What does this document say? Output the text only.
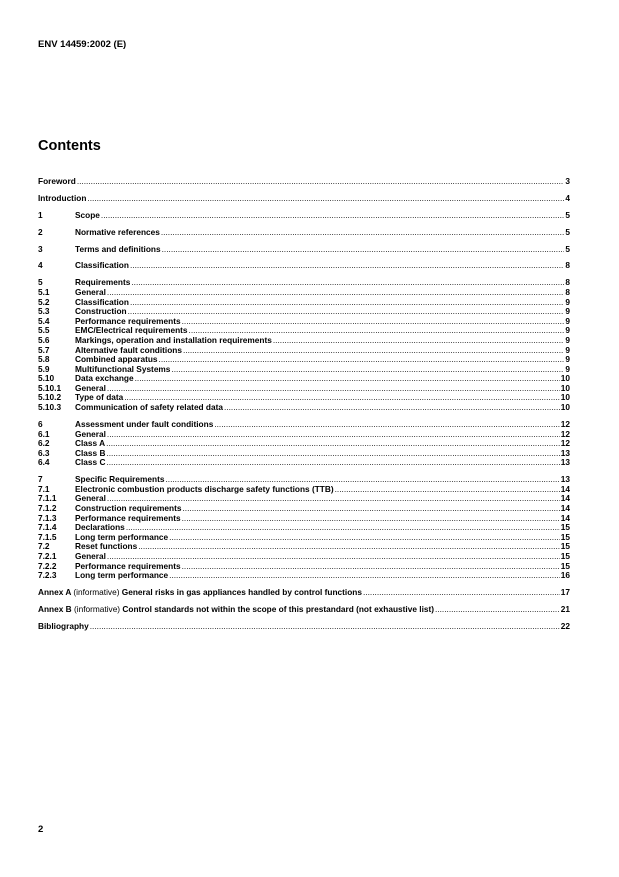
ENV 14459:2002 (E)
Contents
Foreword .....	3
Introduction .....	4
1	Scope .....	5
2	Normative references .....	5
3	Terms and definitions .....	5
4	Classification .....	8
5	Requirements .....	8
5.1	General .....	8
5.2	Classification .....	9
5.3	Construction .....	9
5.4	Performance requirements .....	9
5.5	EMC/Electrical requirements .....	9
5.6	Markings, operation and installation requirements .....	9
5.7	Alternative fault conditions .....	9
5.8	Combined apparatus .....	9
5.9	Multifunctional Systems .....	9
5.10	Data exchange .....	10
5.10.1 General .....	10
5.10.2 Type of data .....	10
5.10.3 Communication of safety related data .....	10
6	Assessment under fault conditions .....	12
6.1	General .....	12
6.2	Class A .....	12
6.3	Class B .....	13
6.4	Class C .....	13
7	Specific Requirements .....	13
7.1	Electronic combustion products discharge safety functions (TTB) .....	14
7.1.1 General .....	14
7.1.2 Construction requirements .....	14
7.1.3 Performance requirements .....	14
7.1.4 Declarations .....	15
7.1.5 Long term performance .....	15
7.2	Reset functions .....	15
7.2.1 General .....	15
7.2.2 Performance requirements .....	15
7.2.3 Long term performance .....	16
Annex A (informative) General risks in gas appliances handled by control functions .....	17
Annex B (informative) Control standards not within the scope of this prestandard (not exhaustive list) .....	21
Bibliography .....	22
2
